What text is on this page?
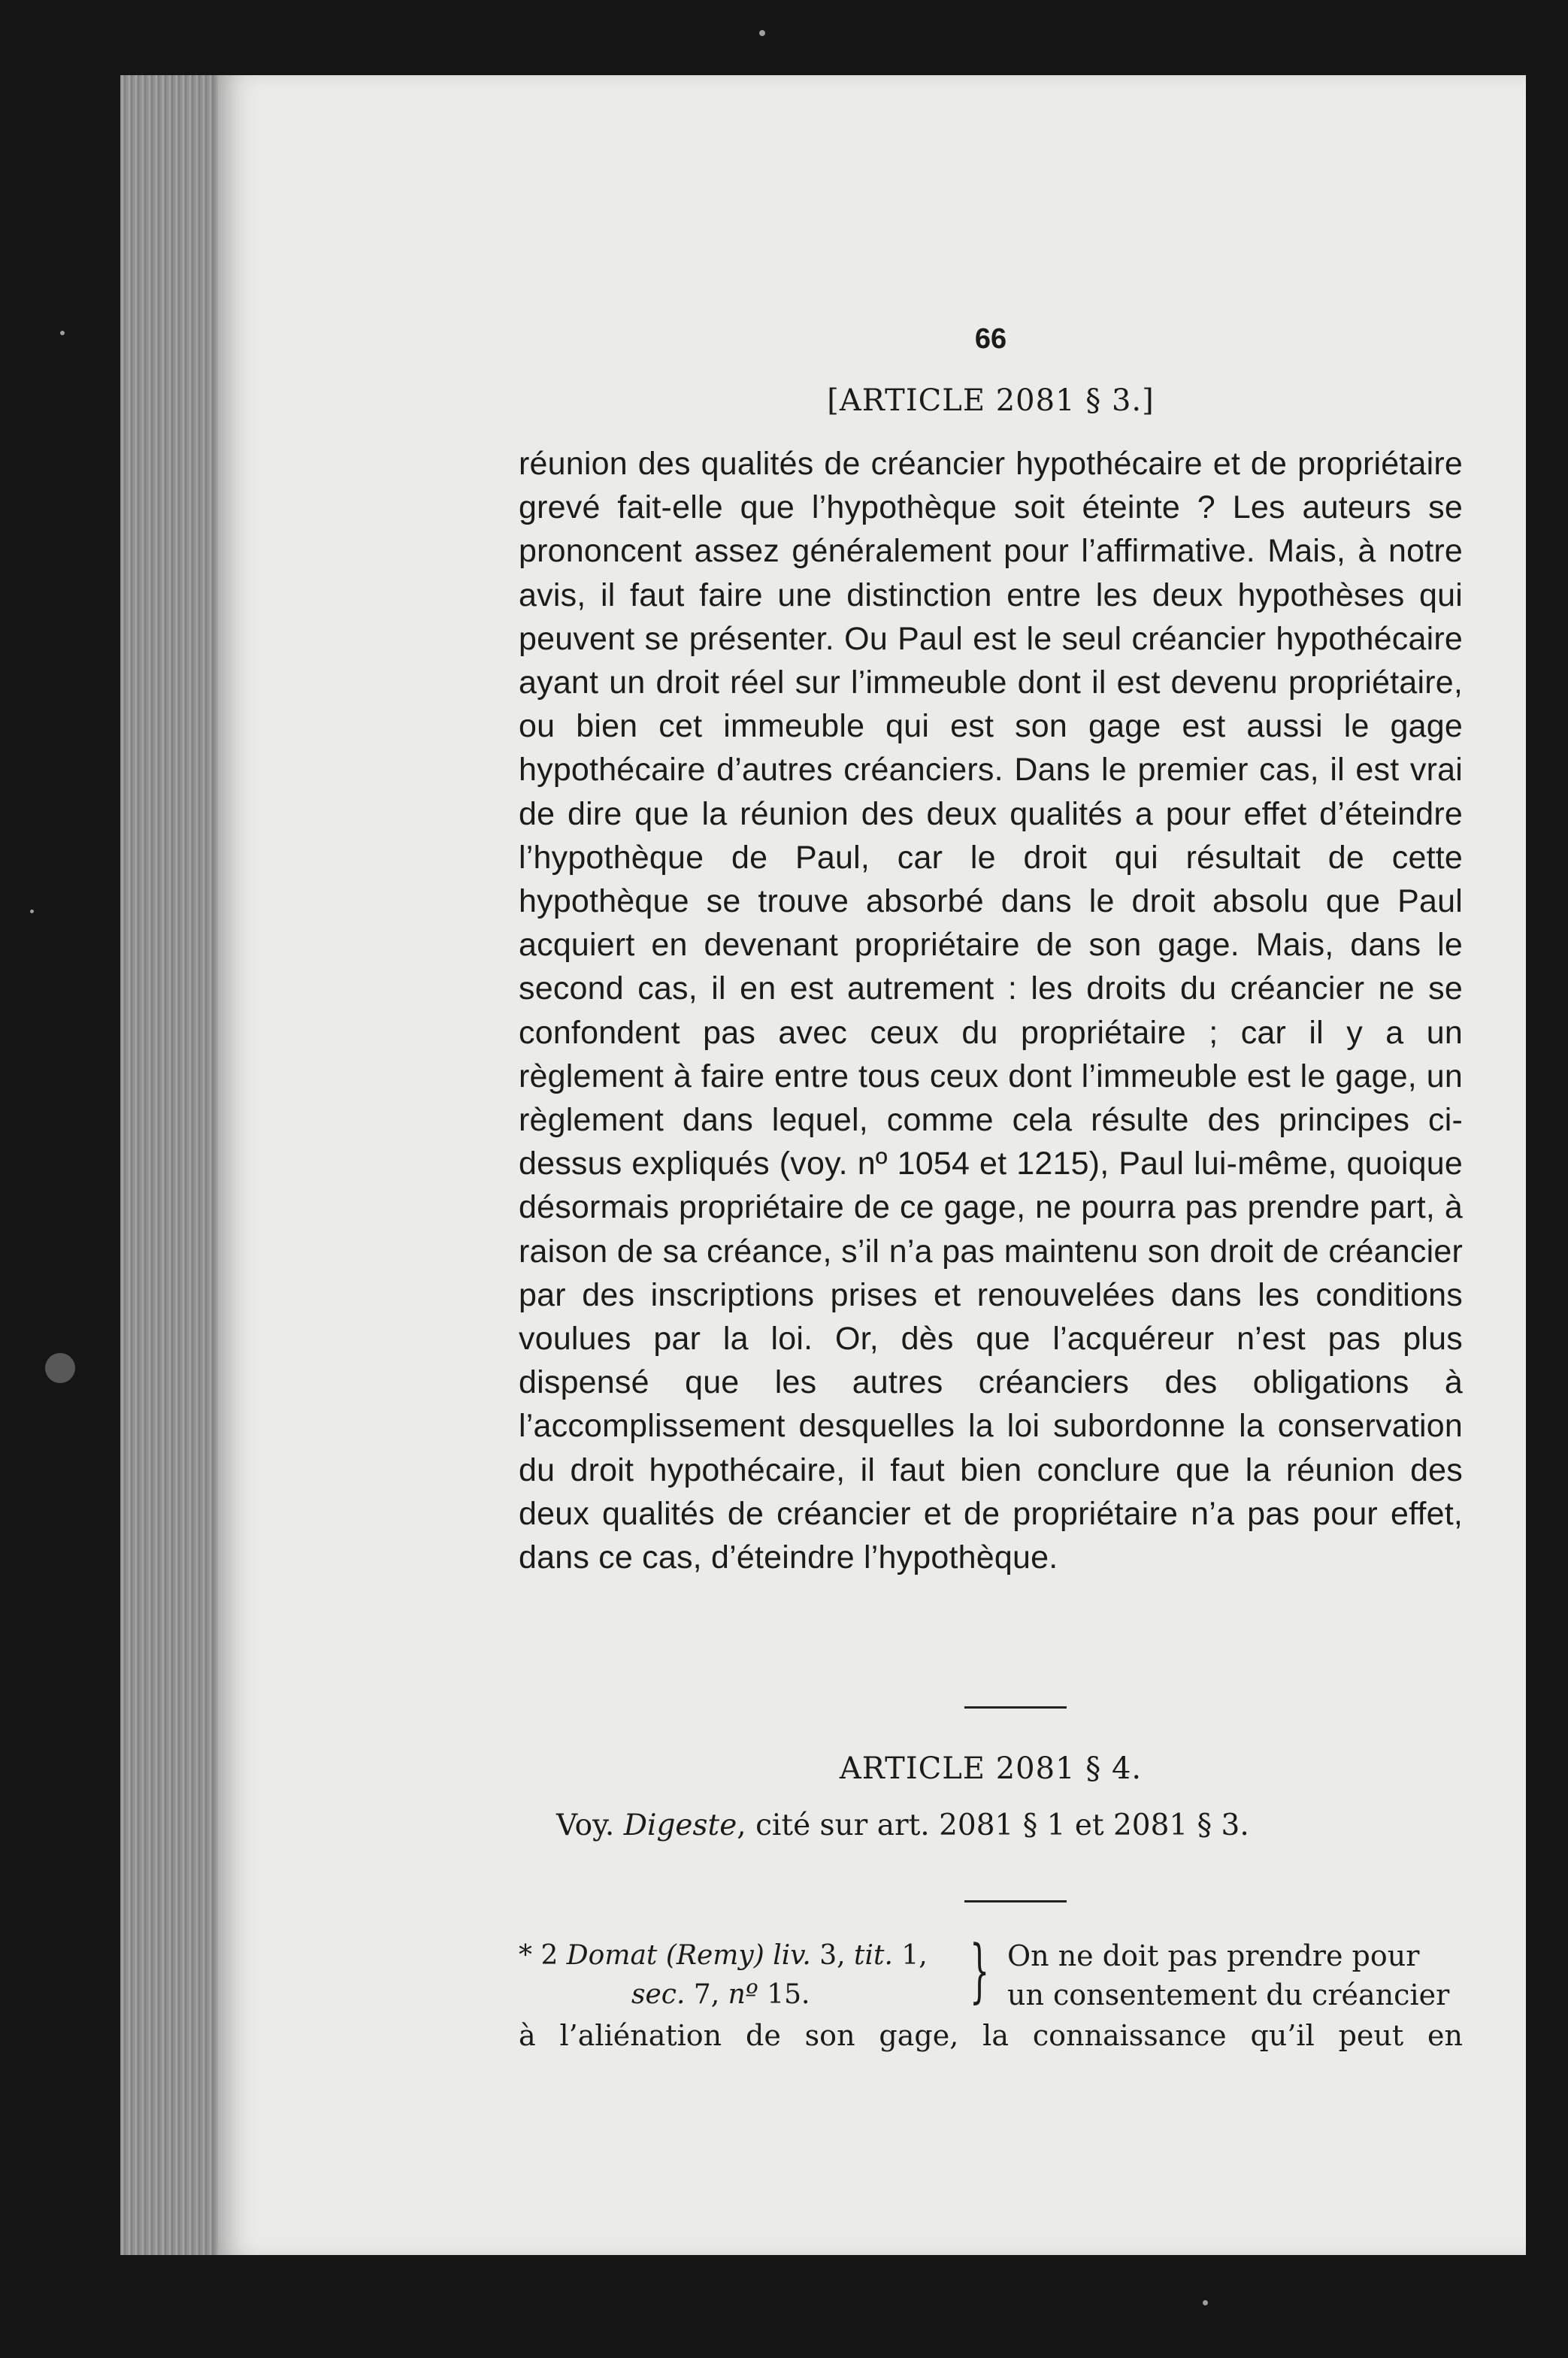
66
[ARTICLE 2081 § 3.]

réunion des qualités de créancier hypothécaire et de propriétaire grevé fait-elle que l’hypothèque soit éteinte ? Les auteurs se prononcent assez généralement pour l’affirmative. Mais, à notre avis, il faut faire une distinction entre les deux hypothèses qui peuvent se présenter. Ou Paul est le seul créancier hypothécaire ayant un droit réel sur l’immeuble dont il est devenu propriétaire, ou bien cet immeuble qui est son gage est aussi le gage hypothécaire d’autres créanciers. Dans le premier cas, il est vrai de dire que la réunion des deux qualités a pour effet d’éteindre l’hypothèque de Paul, car le droit qui résultait de cette hypothèque se trouve absorbé dans le droit absolu que Paul acquiert en devenant propriétaire de son gage. Mais, dans le second cas, il en est autrement : les droits du créancier ne se confondent pas avec ceux du propriétaire ; car il y a un règlement à faire entre tous ceux dont l’immeuble est le gage, un règlement dans lequel, comme cela résulte des principes ci-dessus expliqués (voy. nº 1054 et 1215), Paul lui-même, quoique désormais propriétaire de ce gage, ne pourra pas prendre part, à raison de sa créance, s’il n’a pas maintenu son droit de créancier par des inscriptions prises et renouvelées dans les conditions voulues par la loi. Or, dès que l’acquéreur n’est pas plus dispensé que les autres créanciers des obligations à l’accomplissement desquelles la loi subordonne la conservation du droit hypothécaire, il faut bien conclure que la réunion des deux qualités de créancier et de propriétaire n’a pas pour effet, dans ce cas, d’éteindre l’hypothèque.

ARTICLE 2081 § 4.
Voy. Digeste, cité sur art. 2081 § 1 et 2081 § 3.
* 2 Domat (Remy) liv. 3, tit. 1,
sec. 7, nº 15.	} On ne doit pas prendre pour
un consentement du créancier
à l’aliénation de son gage, la connaissance qu’il peut en
